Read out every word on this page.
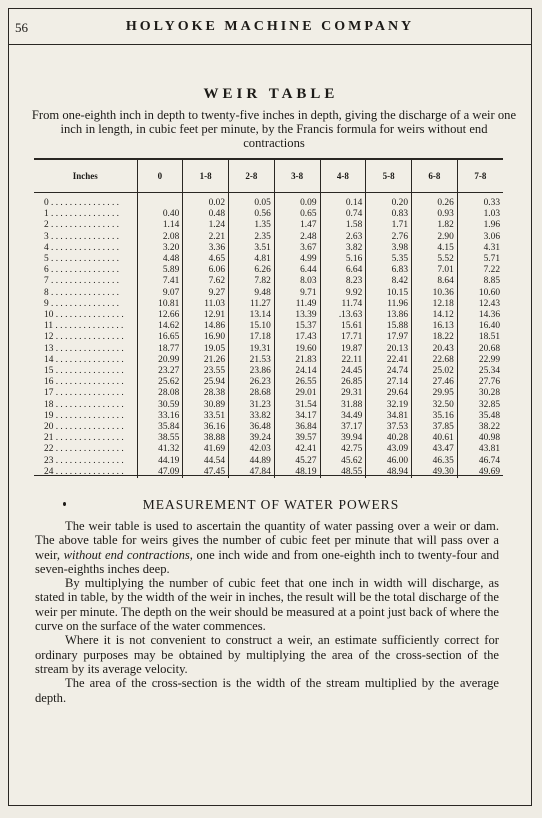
56	HOLYOKE MACHINE COMPANY
WEIR TABLE
From one-eighth inch in depth to twenty-five inches in depth, giving the discharge of a weir one inch in length, in cubic feet per minute, by the Francis formula for weirs without end contractions
Inches	0	1-8	2-8	3-8	4-8	5-8	6-8	7-8
0 . . . . . . . . . . . . . . .		0.02	0.05	0.09	0.14	0.20	0.26	0.33
1 . . . . . . . . . . . . . . .	0.40	0.48	0.56	0.65	0.74	0.83	0.93	1.03
2 . . . . . . . . . . . . . . .	1.14	1.24	1.35	1.47	1.58	1.71	1.82	1.96
3 . . . . . . . . . . . . . . .	2.08	2.21	2.35	2.48	2.63	2.76	2.90	3.06
4 . . . . . . . . . . . . . . .	3.20	3.36	3.51	3.67	3.82	3.98	4.15	4.31
5 . . . . . . . . . . . . . . .	4.48	4.65	4.81	4.99	5.16	5.35	5.52	5.71
6 . . . . . . . . . . . . . . .	5.89	6.06	6.26	6.44	6.64	6.83	7.01	7.22
7 . . . . . . . . . . . . . . .	7.41	7.62	7.82	8.03	8.23	8.42	8.64	8.85
8 . . . . . . . . . . . . . . .	9.07	9.27	9.48	9.71	9.92	10.15	10.36	10.60
9 . . . . . . . . . . . . . . .	10.81	11.03	11.27	11.49	11.74	11.96	12.18	12.43
10 . . . . . . . . . . . . . . .	12.66	12.91	13.14	13.39	.13.63	13.86	14.12	14.36
11 . . . . . . . . . . . . . . .	14.62	14.86	15.10	15.37	15.61	15.88	16.13	16.40
12 . . . . . . . . . . . . . . .	16.65	16.90	17.18	17.43	17.71	17.97	18.22	18.51
13 . . . . . . . . . . . . . . .	18.77	19.05	19.31	19.60	19.87	20.13	20.43	20.68
14 . . . . . . . . . . . . . . .	20.99	21.26	21.53	21.83	22.11	22.41	22.68	22.99
15 . . . . . . . . . . . . . . .	23.27	23.55	23.86	24.14	24.45	24.74	25.02	25.34
16 . . . . . . . . . . . . . . .	25.62	25.94	26.23	26.55	26.85	27.14	27.46	27.76
17 . . . . . . . . . . . . . . .	28.08	28.38	28.68	29.01	29.31	29.64	29.95	30.28
18 . . . . . . . . . . . . . . .	30.59	30.89	31.23	31.54	31.88	32.19	32.50	32.85
19 . . . . . . . . . . . . . . .	33.16	33.51	33.82	34.17	34.49	34.81	35.16	35.48
20 . . . . . . . . . . . . . . .	35.84	36.16	36.48	36.84	37.17	37.53	37.85	38.22
21 . . . . . . . . . . . . . . .	38.55	38.88	39.24	39.57	39.94	40.28	40.61	40.98
22 . . . . . . . . . . . . . . .	41.32	41.69	42.03	42.41	42.75	43.09	43.47	43.81
23 . . . . . . . . . . . . . . .	44.19	44.54	44.89	45.27	45.62	46.00	46.35	46.74
24 . . . . . . . . . . . . . . .	47.09	47.45	47.84	48.19	48.55	48.94	49.30	49.69
MEASUREMENT OF WATER POWERS

The weir table is used to ascertain the quantity of water passing over a weir or dam. The above table for weirs gives the number of cubic feet per minute that will pass over a weir, without end contractions, one inch wide and from one-eighth inch to twenty-four and seven-eighths inches deep.

By multiplying the number of cubic feet that one inch in width will discharge, as stated in table, by the width of the weir in inches, the result will be the total discharge of the weir per minute. The depth on the weir should be measured at a point just back of where the curve on the surface of the water commences.

Where it is not convenient to construct a weir, an estimate sufficiently correct for ordinary purposes may be obtained by multiplying the area of the cross-section of the stream by its average velocity.

The area of the cross-section is the width of the stream multiplied by the average depth.
